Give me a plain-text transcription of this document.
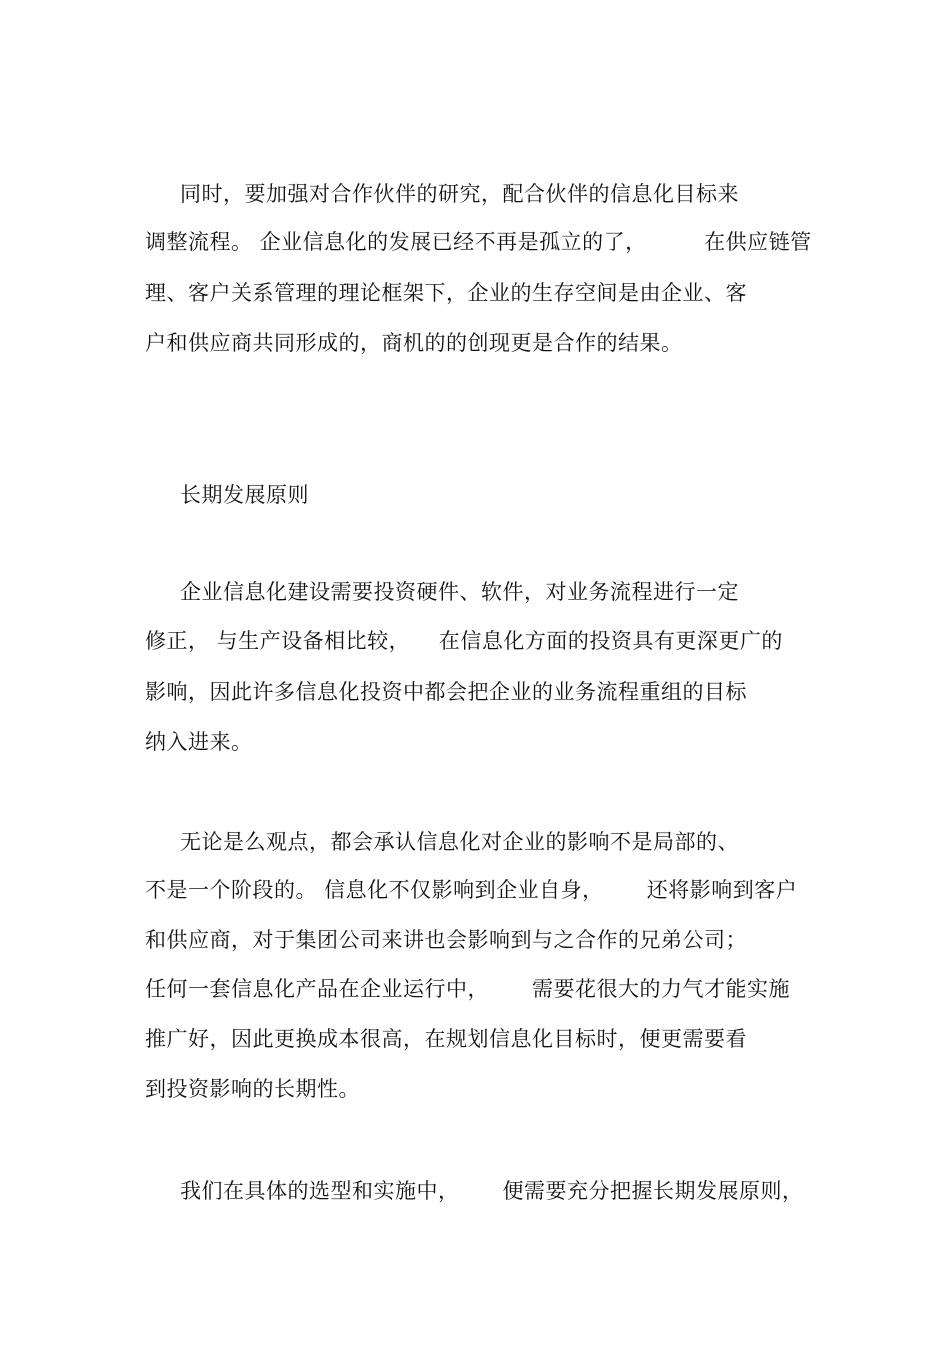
同时，要加强对合作伙伴的研究，配合伙伴的信息化目标来
调整流程。 企业信息化的发展已经不再是孤立的了，        在供应链管
理、客户关系管理的理论框架下，企业的生存空间是由企业、客
户和供应商共同形成的，商机的的创现更是合作的结果。
长期发展原则
企业信息化建设需要投资硬件、软件，对业务流程进行一定
修正， 与生产设备相比较，    在信息化方面的投资具有更深更广的
影响，因此许多信息化投资中都会把企业的业务流程重组的目标
纳入进来。
无论是么观点，都会承认信息化对企业的影响不是局部的、
不是一个阶段的。 信息化不仅影响到企业自身，      还将影响到客户
和供应商，对于集团公司来讲也会影响到与之合作的兄弟公司；
任何一套信息化产品在企业运行中，      需要花很大的力气才能实施
推广好，因此更换成本很高，在规划信息化目标时，便更需要看
到投资影响的长期性。
我们在具体的选型和实施中，      便需要充分把握长期发展原则，
